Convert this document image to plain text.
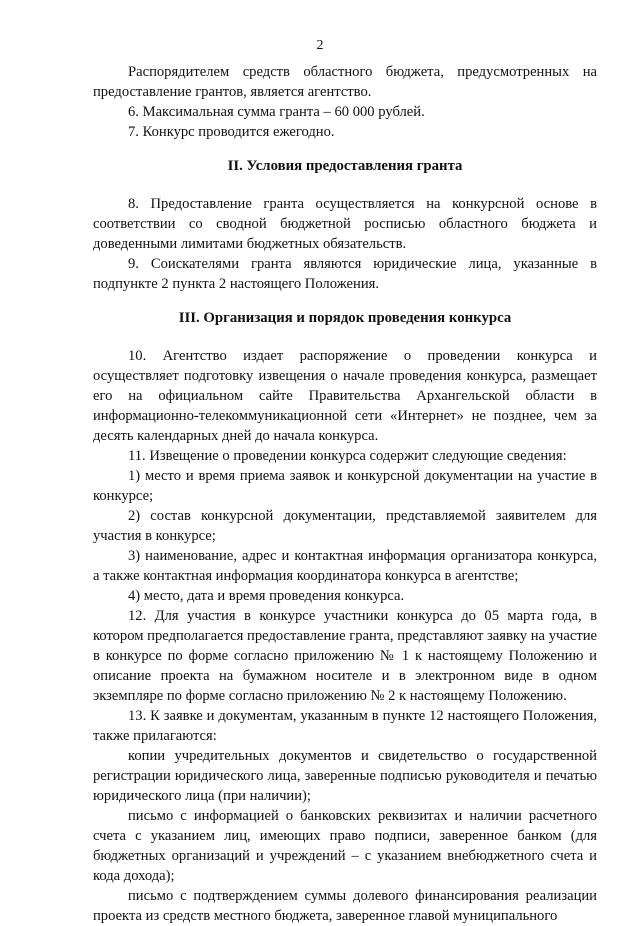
2

Распорядителем средств областного бюджета, предусмотренных на предоставление грантов, является агентство.

6. Максимальная сумма гранта – 60 000 рублей.

7. Конкурс проводится ежегодно.

II. Условия предоставления гранта

8. Предоставление гранта осуществляется на конкурсной основе в соответствии со сводной бюджетной росписью областного бюджета и доведенными лимитами бюджетных обязательств.

9. Соискателями гранта являются юридические лица, указанные в подпункте 2 пункта 2 настоящего Положения.

III. Организация и порядок проведения конкурса

10. Агентство издает распоряжение о проведении конкурса и осуществляет подготовку извещения о начале проведения конкурса, размещает его на официальном сайте Правительства Архангельской области в информационно-телекоммуникационной сети «Интернет» не позднее, чем за десять календарных дней до начала конкурса.

11. Извещение о проведении конкурса содержит следующие сведения:

1) место и время приема заявок и конкурсной документации на участие в конкурсе;

2) состав конкурсной документации, представляемой заявителем для участия в конкурсе;

3) наименование, адрес и контактная информация организатора конкурса, а также контактная информация координатора конкурса в агентстве;

4) место, дата и время проведения конкурса.

12. Для участия в конкурсе участники конкурса до 05 марта года, в котором предполагается предоставление гранта, представляют заявку на участие в конкурсе по форме согласно приложению № 1 к настоящему Положению и описание проекта на бумажном носителе и в электронном виде в одном экземпляре по форме согласно приложению № 2 к настоящему Положению.

13. К заявке и документам, указанным в пункте 12 настоящего Положения, также прилагаются:

копии учредительных документов и свидетельство о государственной регистрации юридического лица, заверенные подписью руководителя и печатью юридического лица (при наличии);

письмо с информацией о банковских реквизитах и наличии расчетного счета с указанием лиц, имеющих право подписи, заверенное банком (для бюджетных организаций и учреждений – с указанием внебюджетного счета и кода дохода);

письмо с подтверждением суммы долевого финансирования реализации проекта из средств местного бюджета, заверенное главой муниципального
